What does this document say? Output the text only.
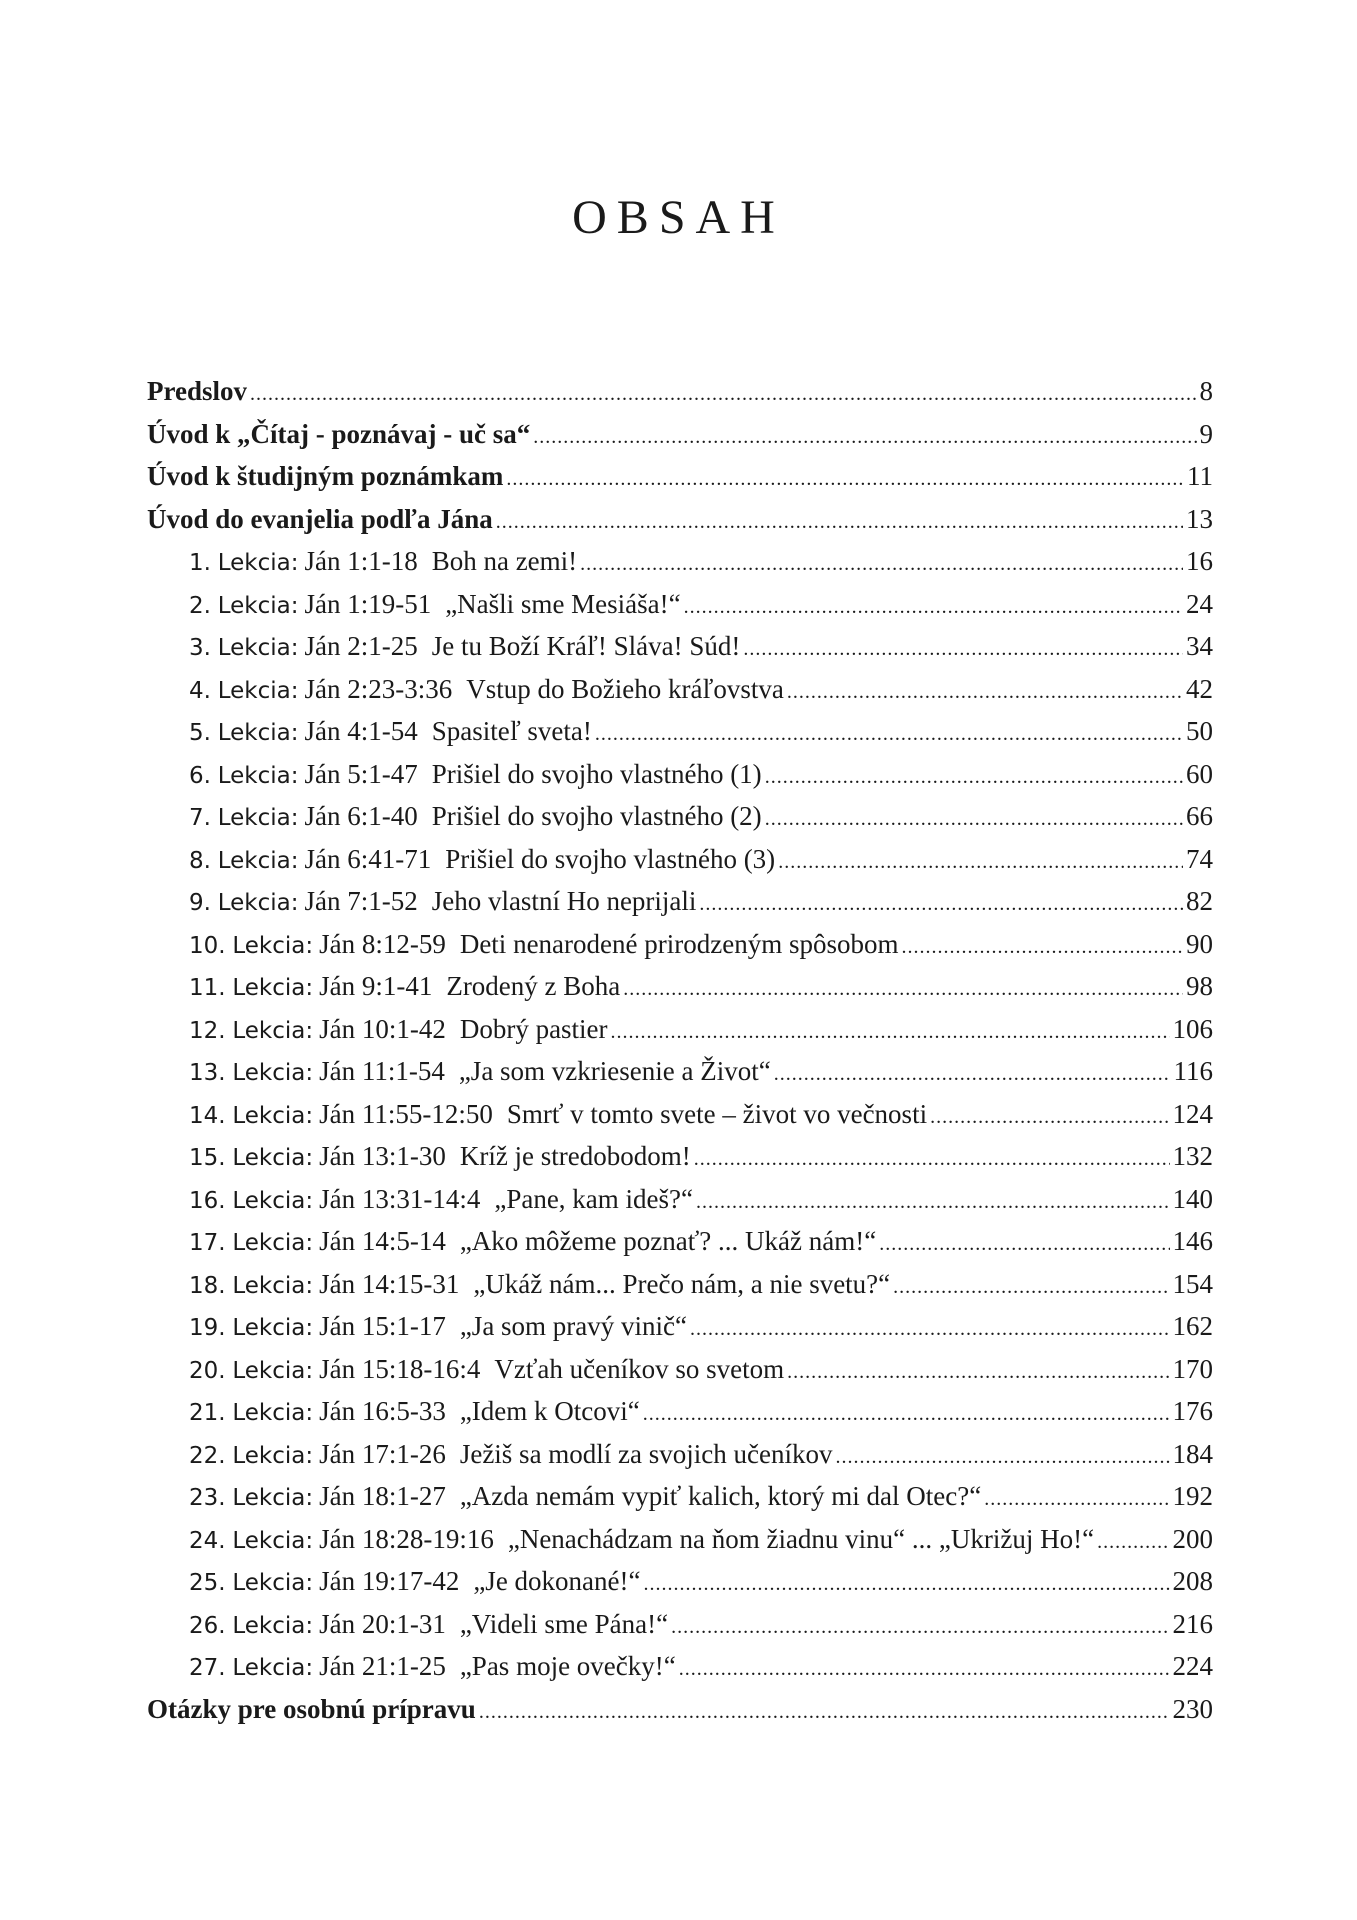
OBSAH
Predslov .....	8
Úvod k „Čítaj - poznávaj - uč sa“ .....	9
Úvod k študijným poznámkam .....	11
Úvod do evanjelia podľa Jána .....	13
1. Lekcia: Ján 1:1-18 Boh na zemi! .....	16
2. Lekcia: Ján 1:19-51 „Našli sme Mesiáša!“ .....	24
3. Lekcia: Ján 2:1-25 Je tu Boží Kráľ! Sláva! Súd! .....	34
4. Lekcia: Ján 2:23-3:36 Vstup do Božieho kráľovstva .....	42
5. Lekcia: Ján 4:1-54 Spasiteľ sveta! .....	50
6. Lekcia: Ján 5:1-47 Prišiel do svojho vlastného (1) .....	60
7. Lekcia: Ján 6:1-40 Prišiel do svojho vlastného (2) .....	66
8. Lekcia: Ján 6:41-71 Prišiel do svojho vlastného (3) .....	74
9. Lekcia: Ján 7:1-52 Jeho vlastní Ho neprijali .....	82
10. Lekcia: Ján 8:12-59 Deti nenarodené prirodzeným spôsobom .....	90
11. Lekcia: Ján 9:1-41 Zrodený z Boha .....	98
12. Lekcia: Ján 10:1-42 Dobrý pastier .....	106
13. Lekcia: Ján 11:1-54 „Ja som vzkriesenie a Život“ .....	116
14. Lekcia: Ján 11:55-12:50 Smrť v tomto svete – život vo večnosti .....	124
15. Lekcia: Ján 13:1-30 Kríž je stredobodom! .....	132
16. Lekcia: Ján 13:31-14:4 „Pane, kam ideš?“ .....	140
17. Lekcia: Ján 14:5-14 „Ako môžeme poznať? ... Ukáž nám!“ .....	146
18. Lekcia: Ján 14:15-31 „Ukáž nám... Prečo nám, a nie svetu?“ .....	154
19. Lekcia: Ján 15:1-17 „Ja som pravý vinič“ .....	162
20. Lekcia: Ján 15:18-16:4 Vzťah učeníkov so svetom .....	170
21. Lekcia: Ján 16:5-33 „Idem k Otcovi“ .....	176
22. Lekcia: Ján 17:1-26 Ježiš sa modlí za svojich učeníkov .....	184
23. Lekcia: Ján 18:1-27 „Azda nemám vypiť kalich, ktorý mi dal Otec?“ .....	192
24. Lekcia: Ján 18:28-19:16 „Nenachádzam na ňom žiadnu vinu“ ... „Ukrižuj Ho!“ .....	200
25. Lekcia: Ján 19:17-42 „Je dokonané!“ .....	208
26. Lekcia: Ján 20:1-31 „Videli sme Pána!“ .....	216
27. Lekcia: Ján 21:1-25 „Pas moje ovečky!“ .....	224
Otázky pre osobnú prípravu .....	230
